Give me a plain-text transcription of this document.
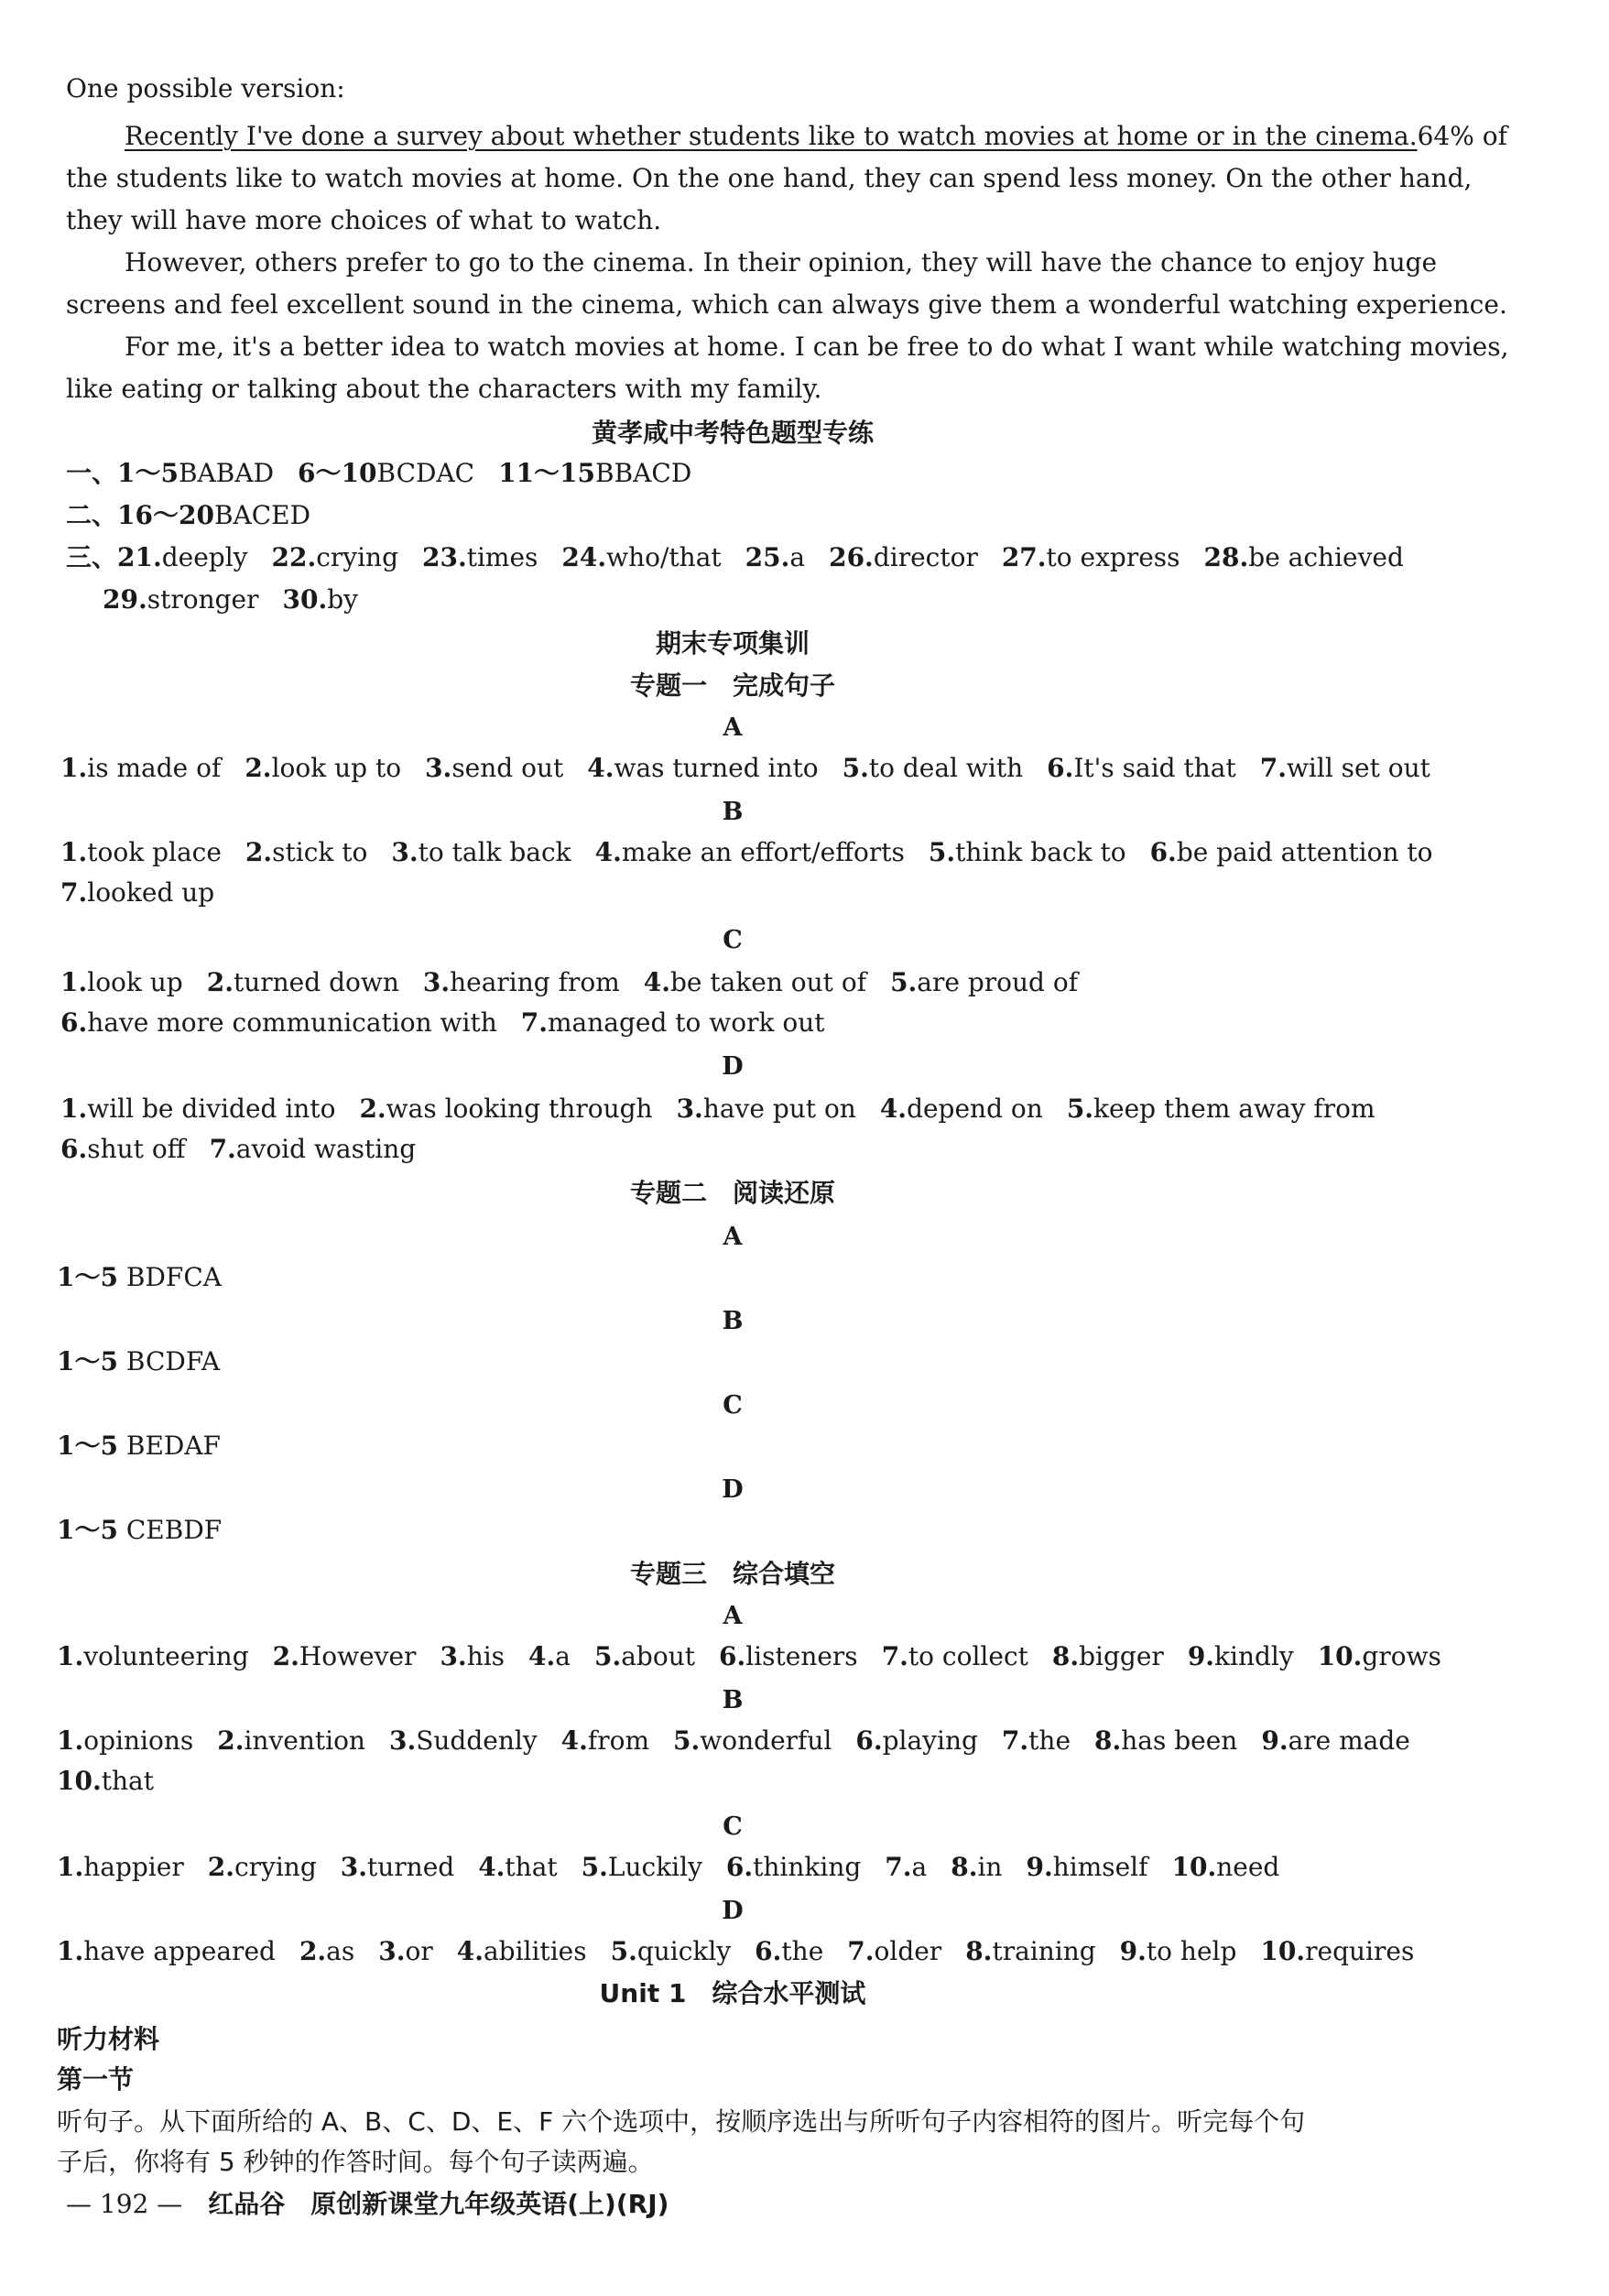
One possible version:
Recently I've done a survey about whether students like to watch movies at home or in the cinema.64% of
the students like to watch movies at home. On the one hand, they can spend less money. On the other hand,
they will have more choices of what to watch.
However, others prefer to go to the cinema. In their opinion, they will have the chance to enjoy huge
screens and feel excellent sound in the cinema, which can always give them a wonderful watching experience.
For me, it's a better idea to watch movies at home. I can be free to do what I want while watching movies,
like eating or talking about the characters with my family.
黄孝咸中考特色题型专练
一、1～5BABAD 6～10BCDAC 11～15BBACD
二、16～20BACED
三、21.deeply 22.crying 23.times 24.who/that 25.a 26.director 27.to express 28.be achieved
29.stronger 30.by
期末专项集训
专题一　完成句子
A
1.is made of 2.look up to 3.send out 4.was turned into 5.to deal with 6.It's said that 7.will set out
B
1.took place 2.stick to 3.to talk back 4.make an effort/efforts 5.think back to 6.be paid attention to
7.looked up
C
1.look up 2.turned down 3.hearing from 4.be taken out of 5.are proud of
6.have more communication with 7.managed to work out
D
1.will be divided into 2.was looking through 3.have put on 4.depend on 5.keep them away from
6.shut off 7.avoid wasting
专题二　阅读还原
A
1～5 BDFCA
B
1～5 BCDFA
C
1～5 BEDAF
D
1～5 CEBDF
专题三　综合填空
A
1.volunteering 2.However 3.his 4.a 5.about 6.listeners 7.to collect 8.bigger 9.kindly 10.grows
B
1.opinions 2.invention 3.Suddenly 4.from 5.wonderful 6.playing 7.the 8.has been 9.are made
10.that
C
1.happier 2.crying 3.turned 4.that 5.Luckily 6.thinking 7.a 8.in 9.himself 10.need
D
1.have appeared 2.as 3.or 4.abilities 5.quickly 6.the 7.older 8.training 9.to help 10.requires
Unit 1　综合水平测试
听力材料
第一节
听句子。从下面所给的 A、B、C、D、E、F 六个选项中，按顺序选出与所听句子内容相符的图片。听完每个句
子后，你将有 5 秒钟的作答时间。每个句子读两遍。
— 192 — 红品谷　原创新课堂九年级英语(上)(RJ)
